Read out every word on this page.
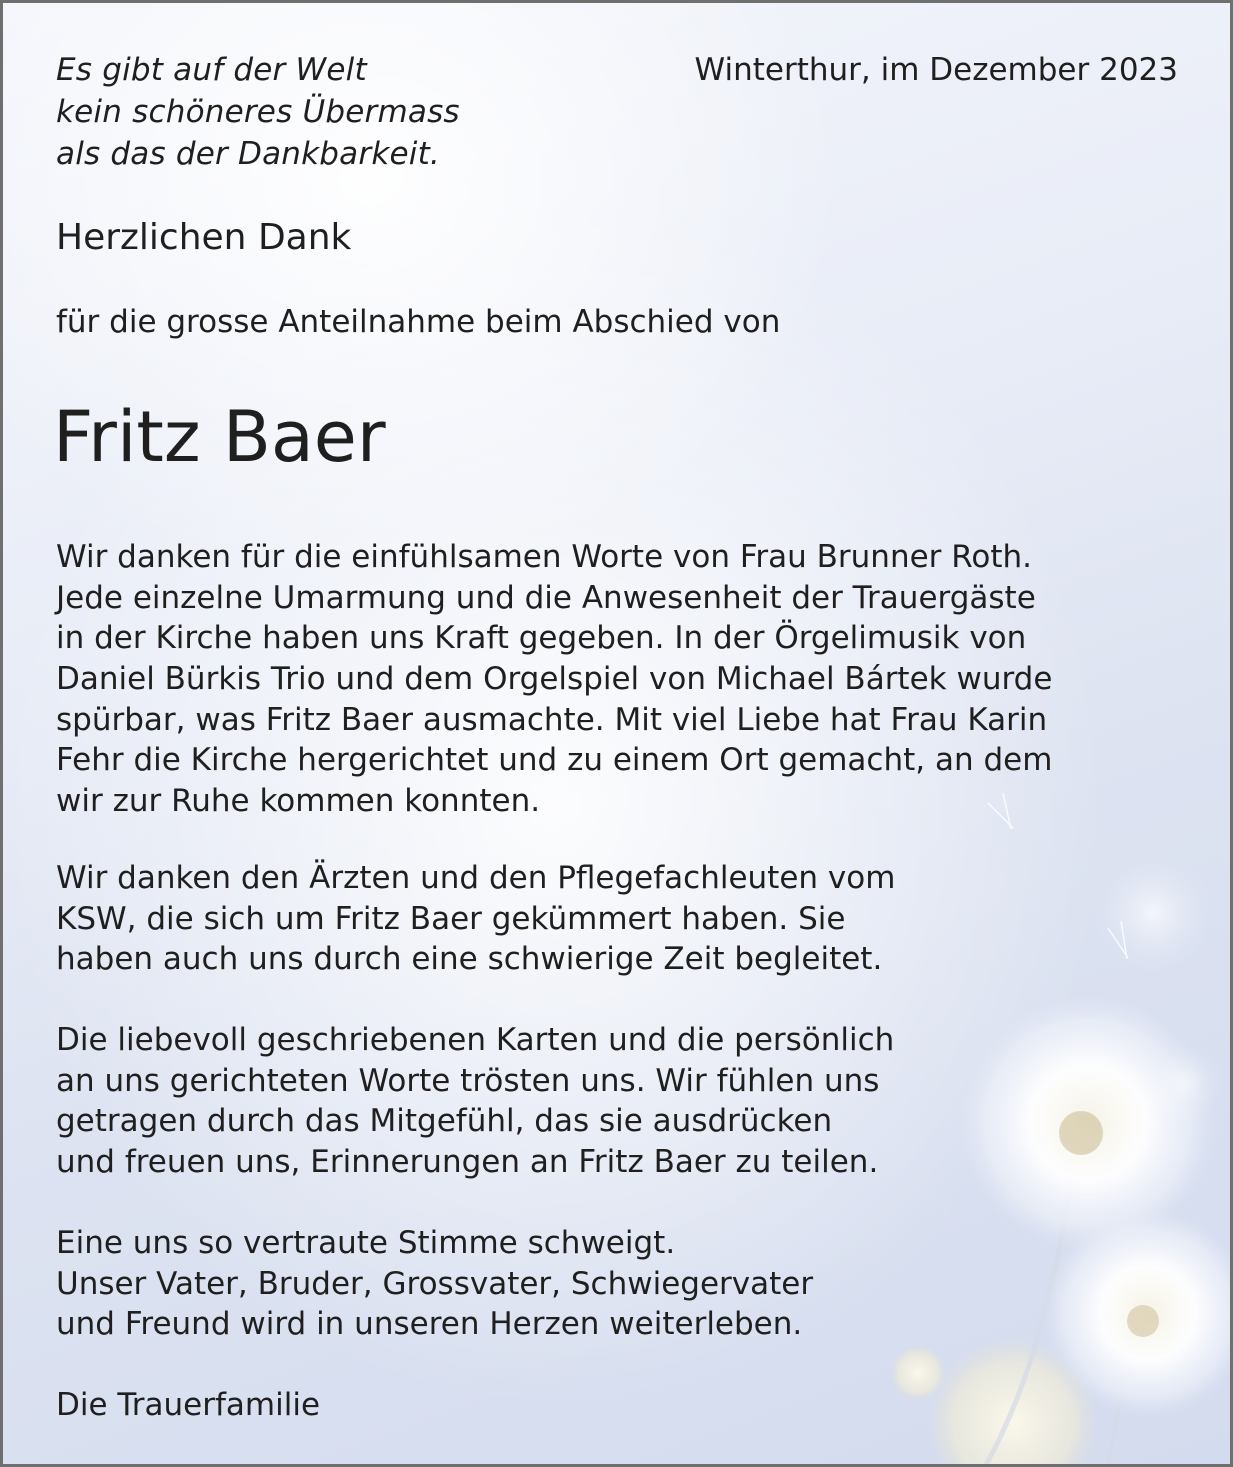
Es gibt auf der Welt
kein schöneres Übermass
als das der Dankbarkeit.
Winterthur, im Dezember 2023
Herzlichen Dank
für die grosse Anteilnahme beim Abschied von
Fritz Baer
Wir danken für die einfühlsamen Worte von Frau Brunner Roth.
Jede einzelne Umarmung und die Anwesenheit der Trauergäste
in der Kirche haben uns Kraft gegeben. In der Örgelimusik von
Daniel Bürkis Trio und dem Orgelspiel von Michael Bártek wurde
spürbar, was Fritz Baer ausmachte. Mit viel Liebe hat Frau Karin
Fehr die Kirche hergerichtet und zu einem Ort gemacht, an dem
wir zur Ruhe kommen konnten.
Wir danken den Ärzten und den Pflegefachleuten vom
KSW, die sich um Fritz Baer gekümmert haben. Sie
haben auch uns durch eine schwierige Zeit begleitet.
Die liebevoll geschriebenen Karten und die persönlich
an uns gerichteten Worte trösten uns. Wir fühlen uns
getragen durch das Mitgefühl, das sie ausdrücken
und freuen uns, Erinnerungen an Fritz Baer zu teilen.
Eine uns so vertraute Stimme schweigt.
Unser Vater, Bruder, Grossvater, Schwiegervater
und Freund wird in unseren Herzen weiterleben.
Die Trauerfamilie
